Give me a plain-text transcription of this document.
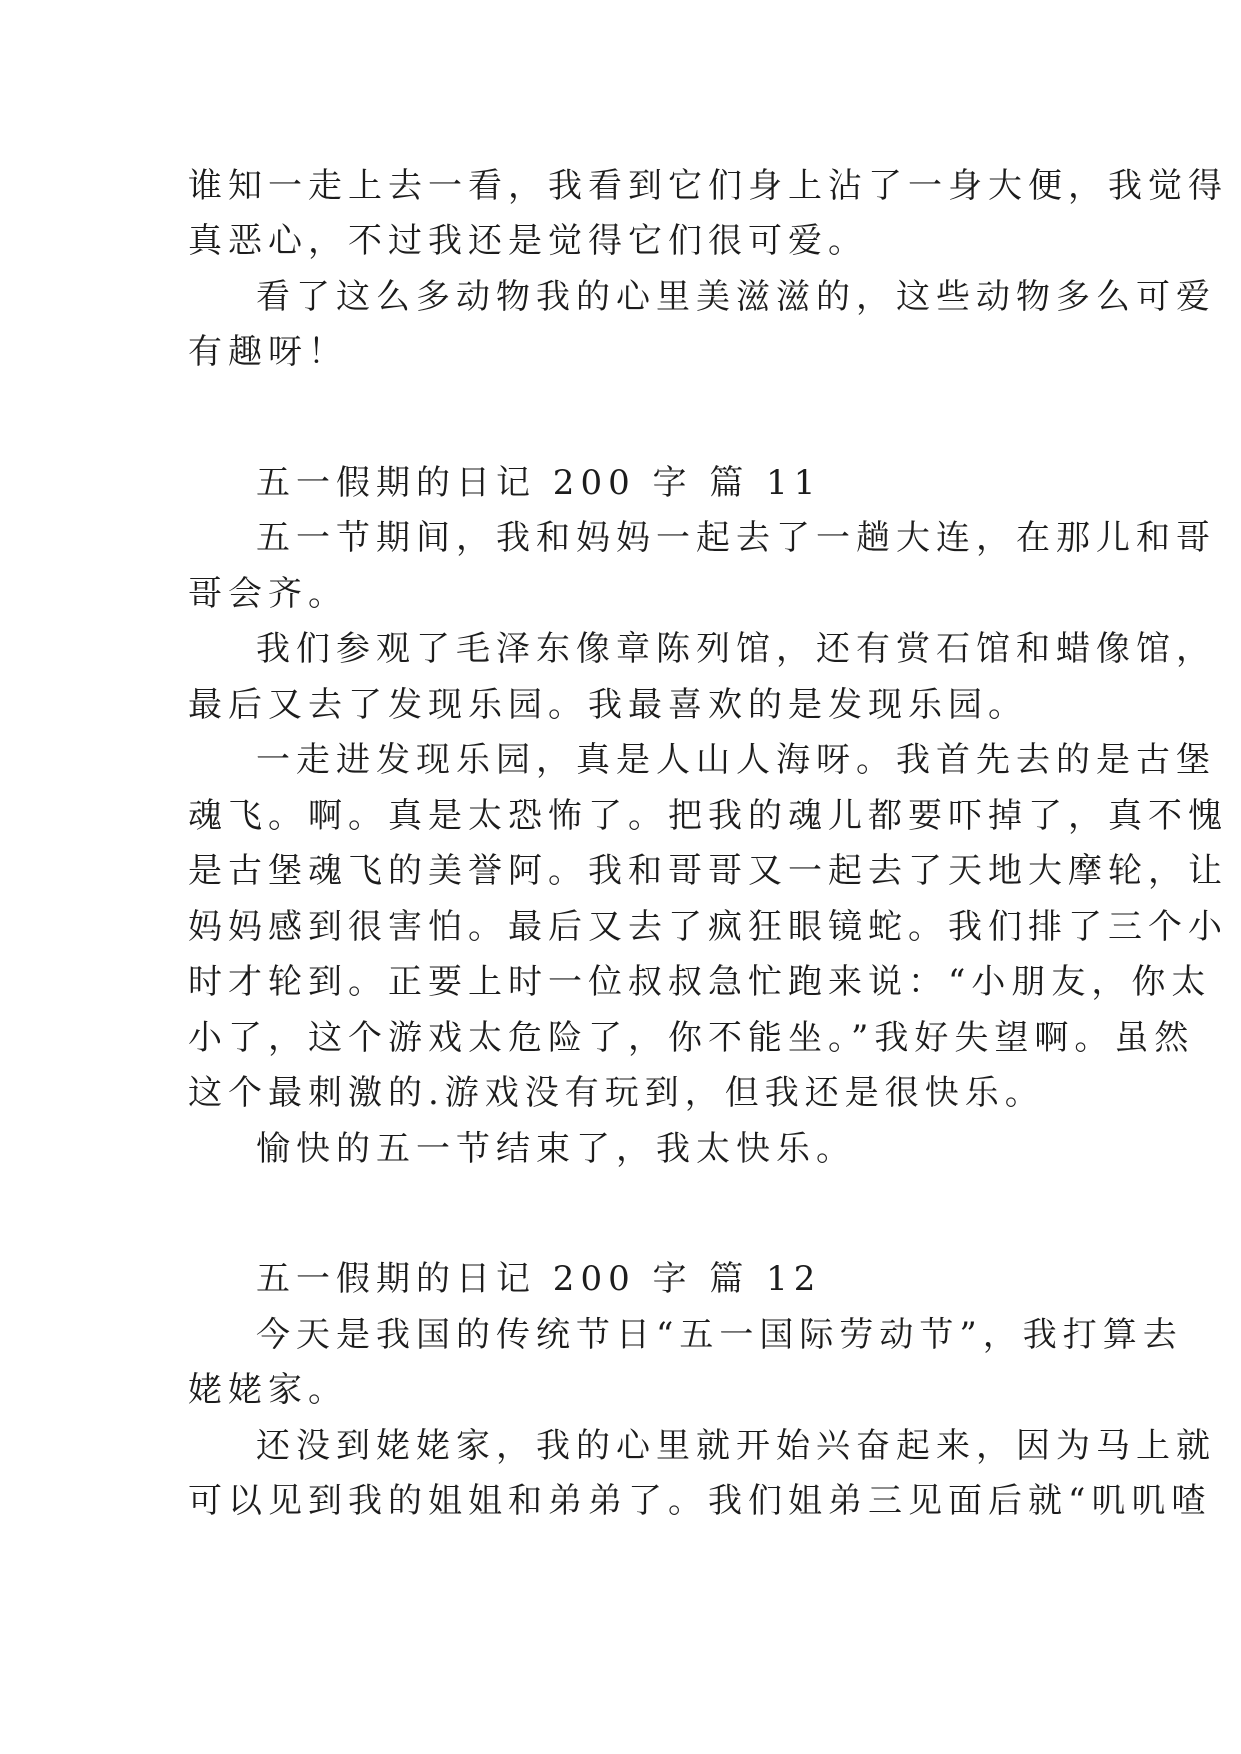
谁知一走上去一看，我看到它们身上沾了一身大便，我觉得
真恶心，不过我还是觉得它们很可爱。
看了这么多动物我的心里美滋滋的，这些动物多么可爱
有趣呀！
五一假期的日记 200 字 篇 11
五一节期间，我和妈妈一起去了一趟大连，在那儿和哥
哥会齐。
我们参观了毛泽东像章陈列馆，还有赏石馆和蜡像馆，
最后又去了发现乐园。我最喜欢的是发现乐园。
一走进发现乐园，真是人山人海呀。我首先去的是古堡
魂飞。啊。真是太恐怖了。把我的魂儿都要吓掉了，真不愧
是古堡魂飞的美誉阿。我和哥哥又一起去了天地大摩轮，让
妈妈感到很害怕。最后又去了疯狂眼镜蛇。我们排了三个小
时才轮到。正要上时一位叔叔急忙跑来说：“小朋友，你太
小了，这个游戏太危险了，你不能坐。”我好失望啊。虽然
这个最刺激的.游戏没有玩到，但我还是很快乐。
愉快的五一节结束了，我太快乐。
五一假期的日记 200 字 篇 12
今天是我国的传统节日“五一国际劳动节”，我打算去
姥姥家。
还没到姥姥家，我的心里就开始兴奋起来，因为马上就
可以见到我的姐姐和弟弟了。我们姐弟三见面后就“叽叽喳
